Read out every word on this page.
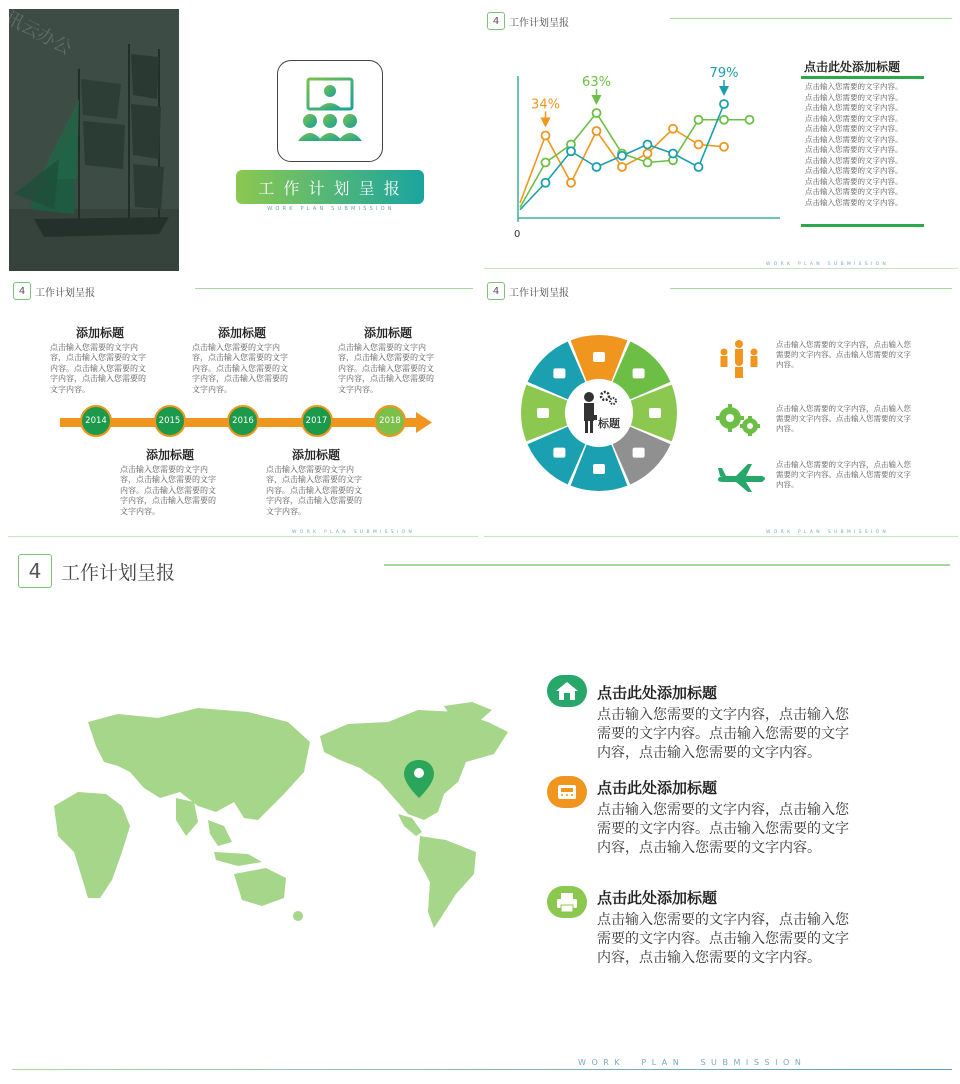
讯云办公
工 作 计 划 呈 报
WORK PLAN SUBMISSION
4 工作计划呈报
34%
63%
79%
0
点击此处添加标题
点击输入您需要的文字内容。
点击输入您需要的文字内容。
点击输入您需要的文字内容。
点击输入您需要的文字内容。
点击输入您需要的文字内容。
点击输入您需要的文字内容。
点击输入您需要的文字内容。
点击输入您需要的文字内容。
点击输入您需要的文字内容。
点击输入您需要的文字内容。
点击输入您需要的文字内容。
点击输入您需要的文字内容。
WORK PLAN SUBMISSION
4 工作计划呈报
添加标题
点击输入您需要的文字内容，点击输入您需要的文字内容。点击输入您需要的文字内容，点击输入您需要的文字内容。
添加标题
点击输入您需要的文字内容，点击输入您需要的文字内容。点击输入您需要的文字内容，点击输入您需要的文字内容。
添加标题
点击输入您需要的文字内容，点击输入您需要的文字内容。点击输入您需要的文字内容，点击输入您需要的文字内容。
添加标题
点击输入您需要的文字内容，点击输入您需要的文字内容。点击输入您需要的文字内容，点击输入您需要的文字内容。
添加标题
点击输入您需要的文字内容，点击输入您需要的文字内容。点击输入您需要的文字内容，点击输入您需要的文字内容。
WORK PLAN SUBMISSION
2014	2015	2016	2017	2018
4 工作计划呈报
标题
点击输入您需要的文字内容，点击输入您需要的文字内容。点击输入您需要的文字内容。
点击输入您需要的文字内容，点击输入您需要的文字内容。点击输入您需要的文字内容。
点击输入您需要的文字内容，点击输入您需要的文字内容。点击输入您需要的文字内容。
WORK PLAN SUBMISSION
4 工作计划呈报
点击此处添加标题
点击输入您需要的文字内容，点击输入您
需要的文字内容。点击输入您需要的文字
内容，点击输入您需要的文字内容。
点击此处添加标题
点击输入您需要的文字内容，点击输入您
需要的文字内容。点击输入您需要的文字
内容，点击输入您需要的文字内容。
点击此处添加标题
点击输入您需要的文字内容，点击输入您
需要的文字内容。点击输入您需要的文字
内容，点击输入您需要的文字内容。
W O R K     P L A N     S U B M I S S I O N
